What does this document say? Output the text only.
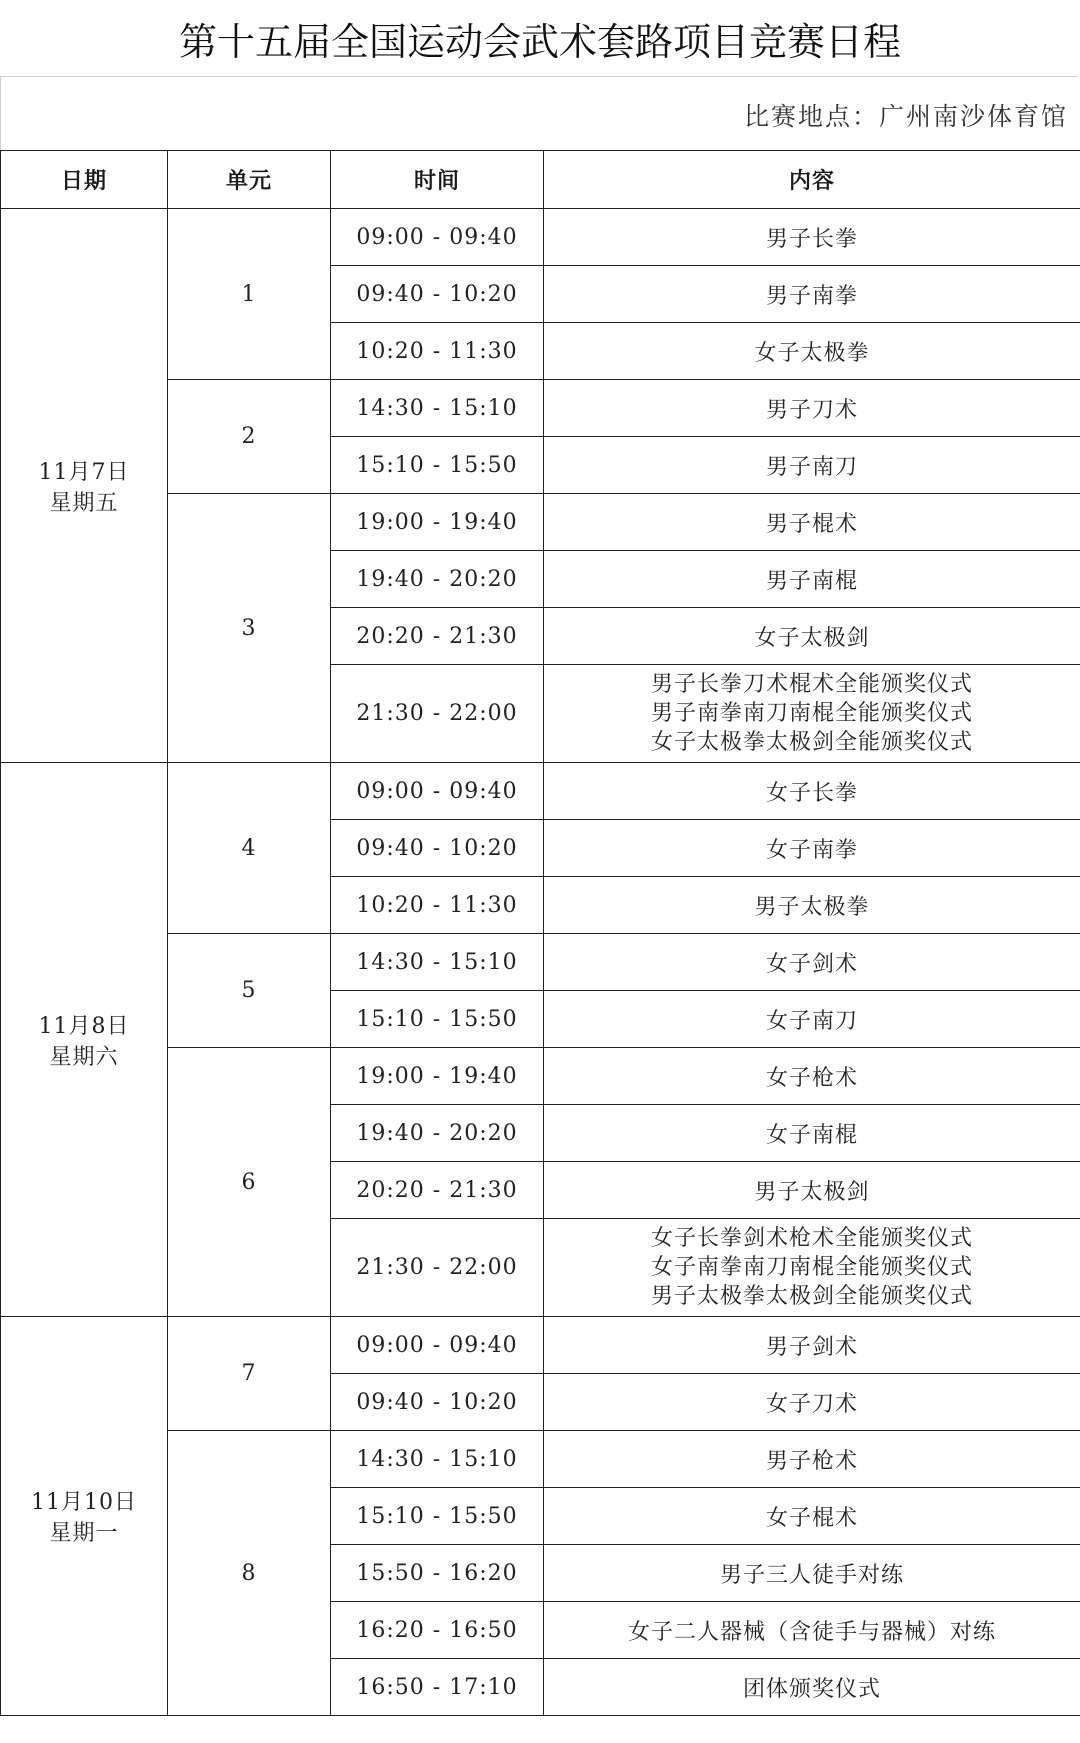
第十五届全国运动会武术套路项目竞赛日程
比赛地点：广州南沙体育馆
日期	单元	时间	内容

11月7日
星期五	1	09:00 - 09:40	男子长拳
		09:40 - 10:20	男子南拳
		10:20 - 11:30	女子太极拳
	2	14:30 - 15:10	男子刀术
		15:10 - 15:50	男子南刀
	3	19:00 - 19:40	男子棍术
		19:40 - 20:20	男子南棍
		20:20 - 21:30	女子太极剑
		21:30 - 22:00	男子长拳刀术棍术全能颁奖仪式
男子南拳南刀南棍全能颁奖仪式
女子太极拳太极剑全能颁奖仪式

11月8日
星期六	4	09:00 - 09:40	女子长拳
		09:40 - 10:20	女子南拳
		10:20 - 11:30	男子太极拳
	5	14:30 - 15:10	女子剑术
		15:10 - 15:50	女子南刀
	6	19:00 - 19:40	女子枪术
		19:40 - 20:20	女子南棍
		20:20 - 21:30	男子太极剑
		21:30 - 22:00	女子长拳剑术枪术全能颁奖仪式
女子南拳南刀南棍全能颁奖仪式
男子太极拳太极剑全能颁奖仪式

11月10日
星期一	7	09:00 - 09:40	男子剑术
		09:40 - 10:20	女子刀术
	8	14:30 - 15:10	男子枪术
		15:10 - 15:50	女子棍术
		15:50 - 16:20	男子三人徒手对练
		16:20 - 16:50	女子二人器械（含徒手与器械）对练
		16:50 - 17:10	团体颁奖仪式
